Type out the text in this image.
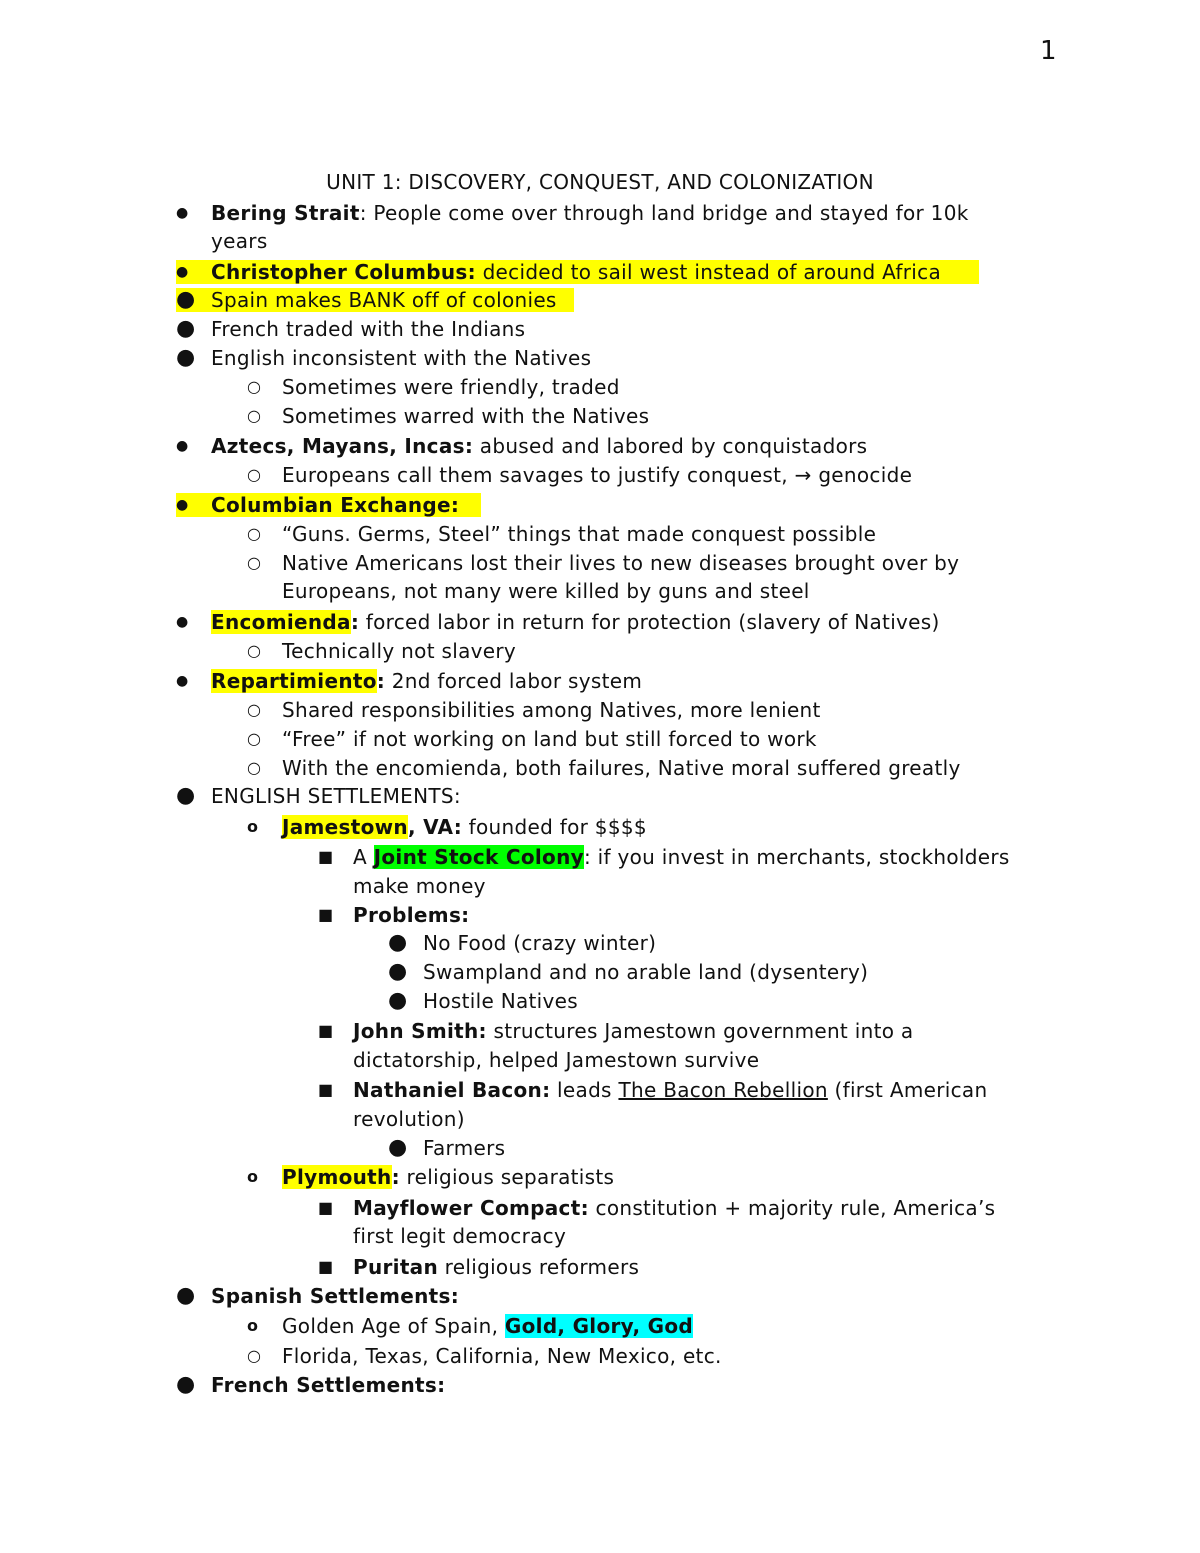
1
UNIT 1: DISCOVERY, CONQUEST, AND COLONIZATION
● Bering Strait: People come over through land bridge and stayed for 10k
years
●	Christopher Columbus: decided to sail west instead of around Africa
● Spain makes BANK off of colonies
● French traded with the Indians
● English inconsistent with the Natives
○ Sometimes were friendly, traded
○ Sometimes warred with the Natives
● Aztecs, Mayans, Incas: abused and labored by conquistadors
○ Europeans call them savages to justify conquest, → genocide
●	Columbian Exchange:
○ “Guns. Germs, Steel” things that made conquest possible
○ Native Americans lost their lives to new diseases brought over by
Europeans, not many were killed by guns and steel
● Encomienda: forced labor in return for protection (slavery of Natives)
○ Technically not slavery
● Repartimiento: 2nd forced labor system
○ Shared responsibilities among Natives, more lenient
○ “Free” if not working on land but still forced to work
○ With the encomienda, both failures, Native moral suffered greatly
● ENGLISH SETTLEMENTS:
o Jamestown, VA: founded for $$$$
■ A Joint Stock Colony: if you invest in merchants, stockholders
make money
■ Problems:
● No Food (crazy winter)
● Swampland and no arable land (dysentery)
● Hostile Natives
■ John Smith: structures Jamestown government into a
dictatorship, helped Jamestown survive
■ Nathaniel Bacon: leads The Bacon Rebellion (first American
revolution)
● Farmers
o Plymouth: religious separatists
■ Mayflower Compact: constitution + majority rule, America’s
first legit democracy
■ Puritan religious reformers
● Spanish Settlements:
o Golden Age of Spain, Gold, Glory, God
○ Florida, Texas, California, New Mexico, etc.
● French Settlements:
